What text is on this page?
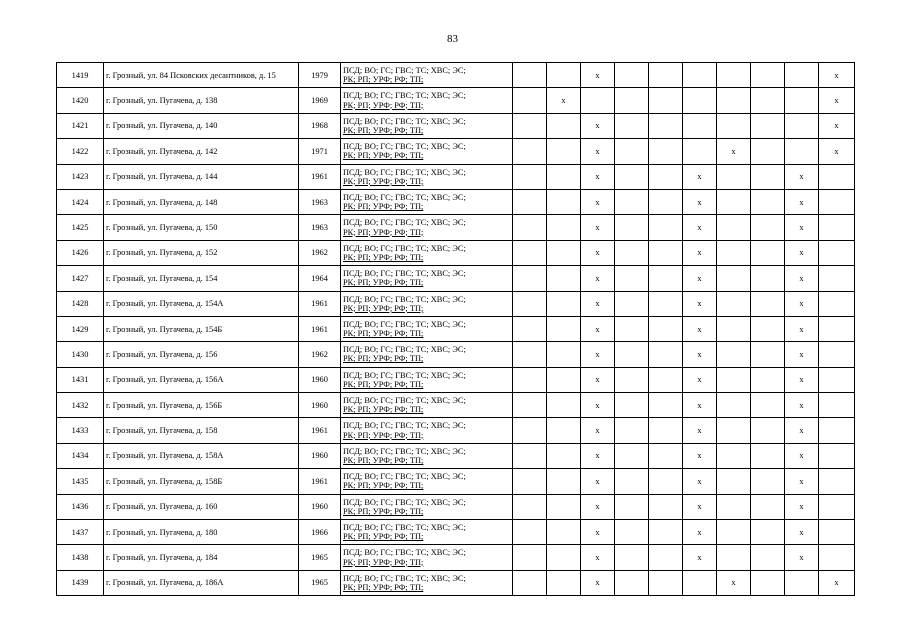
83
1419	г. Грозный, ул. 84 Псковских десантников, д. 15	1979	ПСД; ВО; ГС; ГВС; ТС; ХВС; ЭС;
РК; РП; УРФ; РФ; ТП;			х							х
1420	г. Грозный, ул. Пугачева, д. 138	1969	ПСД; ВО; ГС; ГВС; ТС; ХВС; ЭС;
РК; РП; УРФ; РФ; ТП;		х								х
1421	г. Грозный, ул. Пугачева, д. 140	1968	ПСД; ВО; ГС; ГВС; ТС; ХВС; ЭС;
РК; РП; УРФ; РФ; ТП;			х							х
1422	г. Грозный, ул. Пугачева, д. 142	1971	ПСД; ВО; ГС; ГВС; ТС; ХВС; ЭС;
РК; РП; УРФ; РФ; ТП;			х				х			х
1423	г. Грозный, ул. Пугачева, д. 144	1961	ПСД; ВО; ГС; ГВС; ТС; ХВС; ЭС;
РК; РП; УРФ; РФ; ТП;			х			х			х	
1424	г. Грозный, ул. Пугачева, д. 148	1963	ПСД; ВО; ГС; ГВС; ТС; ХВС; ЭС;
РК; РП; УРФ; РФ; ТП;			х			х			х	
1425	г. Грозный, ул. Пугачева, д. 150	1963	ПСД; ВО; ГС; ГВС; ТС; ХВС; ЭС;
РК; РП; УРФ; РФ; ТП;			х			х			х	
1426	г. Грозный, ул. Пугачева, д. 152	1962	ПСД; ВО; ГС; ГВС; ТС; ХВС; ЭС;
РК; РП; УРФ; РФ; ТП;			х			х			х	
1427	г. Грозный, ул. Пугачева, д. 154	1964	ПСД; ВО; ГС; ГВС; ТС; ХВС; ЭС;
РК; РП; УРФ; РФ; ТП;			х			х			х	
1428	г. Грозный, ул. Пугачева, д. 154А	1961	ПСД; ВО; ГС; ГВС; ТС; ХВС; ЭС;
РК; РП; УРФ; РФ; ТП;			х			х			х	
1429	г. Грозный, ул. Пугачева, д. 154Б	1961	ПСД; ВО; ГС; ГВС; ТС; ХВС; ЭС;
РК; РП; УРФ; РФ; ТП;			х			х			х	
1430	г. Грозный, ул. Пугачева, д. 156	1962	ПСД; ВО; ГС; ГВС; ТС; ХВС; ЭС;
РК; РП; УРФ; РФ; ТП;			х			х			х	
1431	г. Грозный, ул. Пугачева, д. 156А	1960	ПСД; ВО; ГС; ГВС; ТС; ХВС; ЭС;
РК; РП; УРФ; РФ; ТП;			х			х			х	
1432	г. Грозный, ул. Пугачева, д. 156Б	1960	ПСД; ВО; ГС; ГВС; ТС; ХВС; ЭС;
РК; РП; УРФ; РФ; ТП;			х			х			х	
1433	г. Грозный, ул. Пугачева, д. 158	1961	ПСД; ВО; ГС; ГВС; ТС; ХВС; ЭС;
РК; РП; УРФ; РФ; ТП;			х			х			х	
1434	г. Грозный, ул. Пугачева, д. 158А	1960	ПСД; ВО; ГС; ГВС; ТС; ХВС; ЭС;
РК; РП; УРФ; РФ; ТП;			х			х			х	
1435	г. Грозный, ул. Пугачева, д. 158Б	1961	ПСД; ВО; ГС; ГВС; ТС; ХВС; ЭС;
РК; РП; УРФ; РФ; ТП;			х			х			х	
1436	г. Грозный, ул. Пугачева, д. 160	1960	ПСД; ВО; ГС; ГВС; ТС; ХВС; ЭС;
РК; РП; УРФ; РФ; ТП;			х			х			х	
1437	г. Грозный, ул. Пугачева, д. 180	1966	ПСД; ВО; ГС; ГВС; ТС; ХВС; ЭС;
РК; РП; УРФ; РФ; ТП;			х			х			х	
1438	г. Грозный, ул. Пугачева, д. 184	1965	ПСД; ВО; ГС; ГВС; ТС; ХВС; ЭС;
РК; РП; УРФ; РФ; ТП;			х			х			х	
1439	г. Грозный, ул. Пугачева, д. 186А	1965	ПСД; ВО; ГС; ГВС; ТС; ХВС; ЭС;
РК; РП; УРФ; РФ; ТП;			х				х			х
